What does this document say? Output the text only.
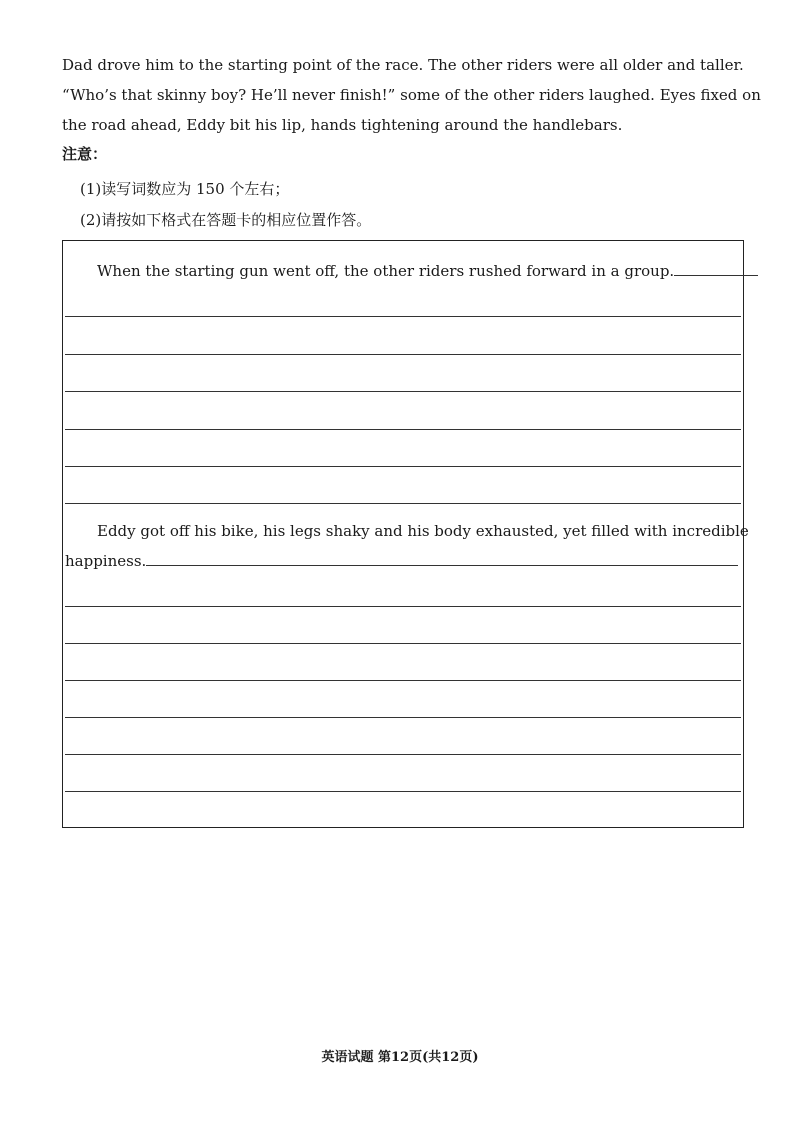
Dad drove him to the starting point of the race. The other riders were all older and taller.

“Who’s that skinny boy? He’ll never finish!” some of the other riders laughed. Eyes fixed on

the road ahead, Eddy bit his lip, hands tightening around the handlebars.

注意：
(1)读写词数应为 150 个左右；
(2)请按如下格式在答题卡的相应位置作答。
When the starting gun went off, the other riders rushed forward in a group.
Eddy got off his bike, his legs shaky and his body exhausted, yet filled with incredible
happiness.
英语试题 第12页(共12页)
